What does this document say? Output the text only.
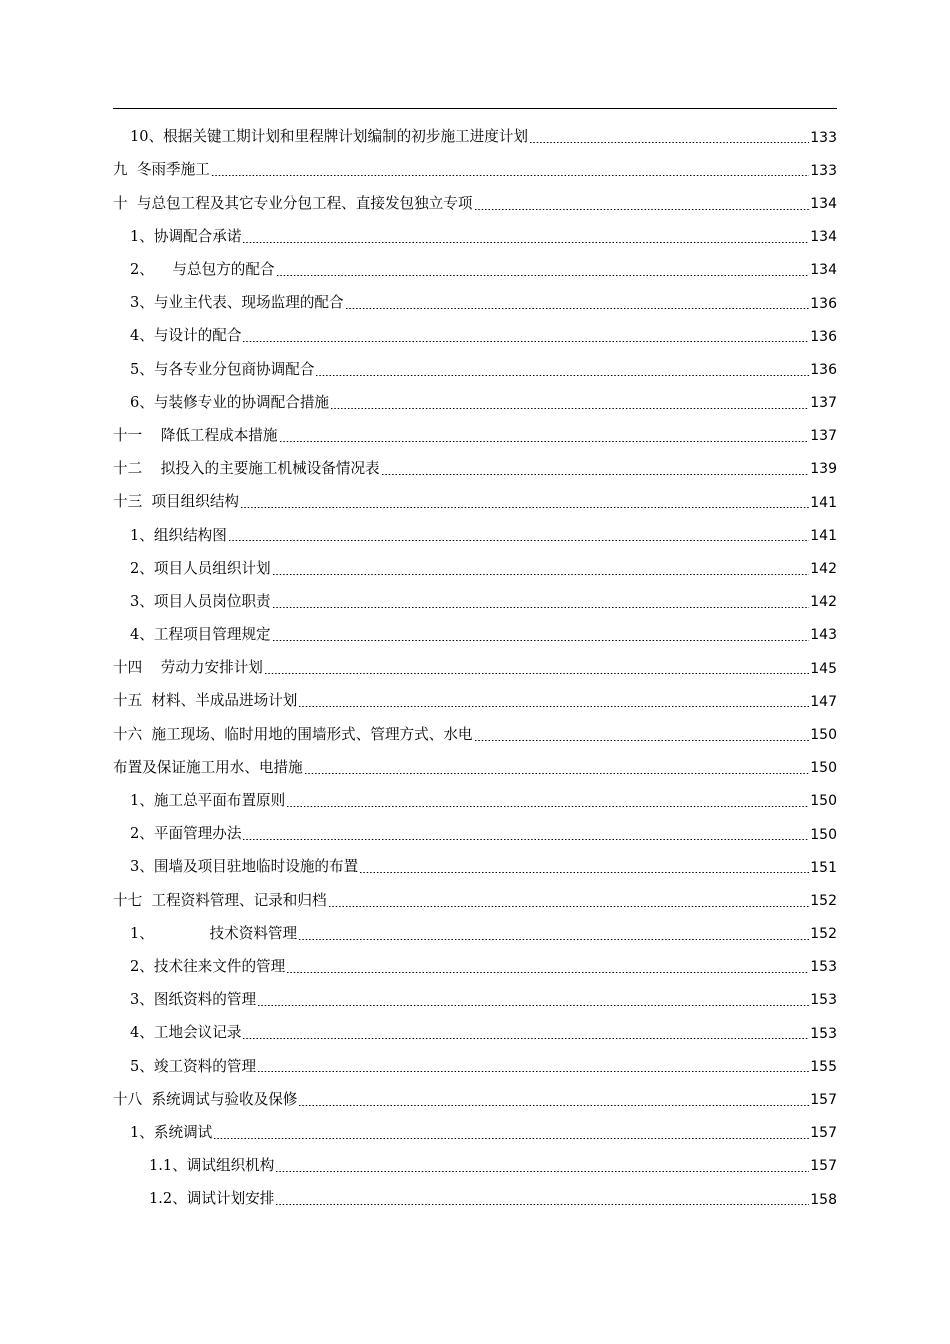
10、根据关键工期计划和里程牌计划编制的初步施工进度计划	133
九  冬雨季施工	133
十  与总包工程及其它专业分包工程、直接发包独立专项	134
1、协调配合承诺	134
2、    与总包方的配合	134
3、与业主代表、现场监理的配合	136
4、与设计的配合	136
5、与各专业分包商协调配合	136
6、与装修专业的协调配合措施	137
十一    降低工程成本措施	137
十二    拟投入的主要施工机械设备情况表	139
十三  项目组织结构	141
1、组织结构图	141
2、项目人员组织计划	142
3、项目人员岗位职责	142
4、工程项目管理规定	143
十四    劳动力安排计划	145
十五  材料、半成品进场计划	147
十六  施工现场、临时用地的围墙形式、管理方式、水电	150
布置及保证施工用水、电措施	150
1、施工总平面布置原则	150
2、平面管理办法	150
3、围墙及项目驻地临时设施的布置	151
十七  工程资料管理、记录和归档	152
1、            技术资料管理	152
2、技术往来文件的管理	153
3、图纸资料的管理	153
4、工地会议记录	153
5、竣工资料的管理	155
十八  系统调试与验收及保修	157
1、系统调试	157
1.1、调试组织机构	157
1.2、调试计划安排	158
